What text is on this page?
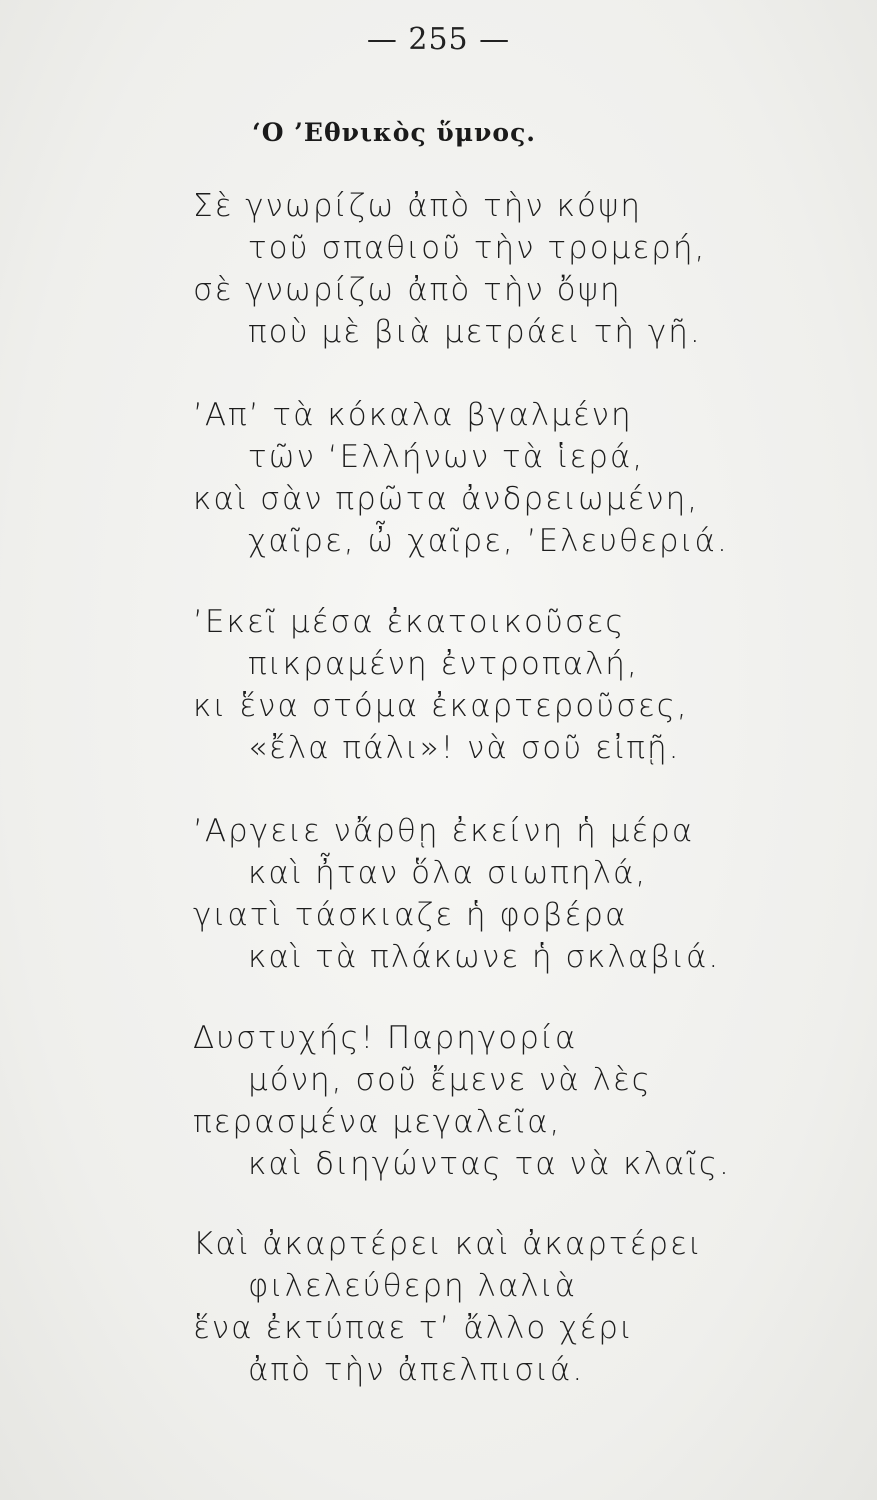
— 255 —
‘Ο ’Εθνικὸς ὕμνος.
Σὲ γνωρίζω ἀπὸ τὴν κόψη
τοῦ σπαθιοῦ τὴν τρομερή,
σὲ γνωρίζω ἀπὸ τὴν ὄψη
ποὺ μὲ βιὰ μετράει τὴ γῆ.
’Απ’ τὰ κόκαλα βγαλμένη
τῶν ‘Ελλήνων τὰ ἱερά,
καὶ σὰν πρῶτα ἀνδρειωμένη,
χαῖρε, ὦ χαῖρε, ’Ελευθεριά.
’Εκεῖ μέσα ἐκατοικοῦσες
πικραμένη ἐντροπαλή,
κι ἕνα στόμα ἐκαρτεροῦσες,
«ἔλα πάλι»! νὰ σοῦ εἰπῇ.
’Αργειε νἄρθῃ ἐκείνη ἡ μέρα
καὶ ἦταν ὅλα σιωπηλά,
γιατὶ τάσκιαζε ἡ φοβέρα
καὶ τὰ πλάκωνε ἡ σκλαβιά.
Δυστυχής! Παρηγορία
μόνη, σοῦ ἔμενε νὰ λὲς
περασμένα μεγαλεῖα,
καὶ διηγώντας τα νὰ κλαῖς.
Καὶ ἀκαρτέρει καὶ ἀκαρτέρει
φιλελεύθερη λαλιὰ
ἕνα ἐκτύπαε τ’ ἄλλο χέρι
ἀπὸ τὴν ἀπελπισιά.
